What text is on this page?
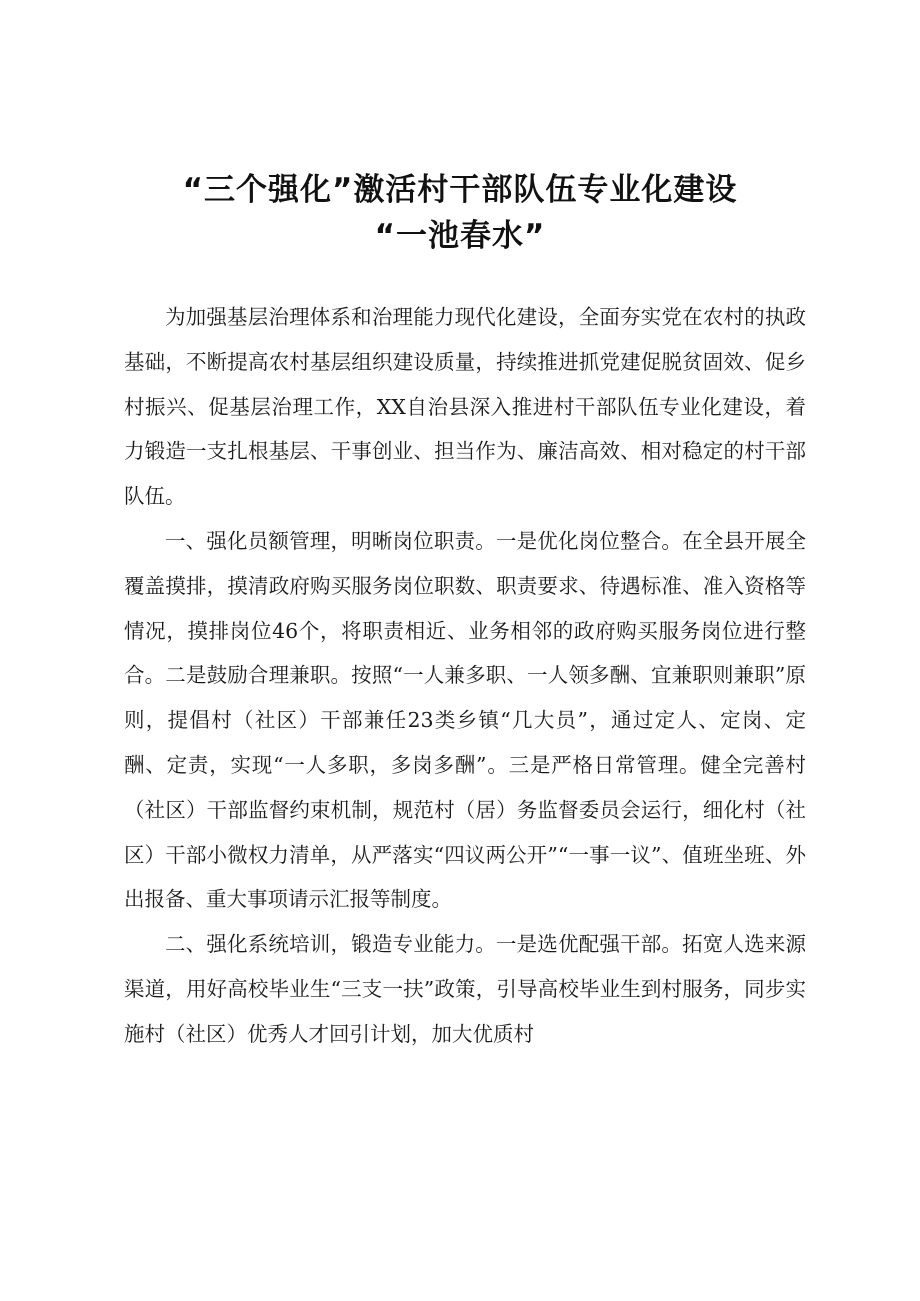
“三个强化”激活村干部队伍专业化建设
“一池春水”

为加强基层治理体系和治理能力现代化建设，全面夯实党在农村的执政基础，不断提高农村基层组织建设质量，持续推进抓党建促脱贫固效、促乡村振兴、促基层治理工作，XX自治县深入推进村干部队伍专业化建设，着力锻造一支扎根基层、干事创业、担当作为、廉洁高效、相对稳定的村干部队伍。

一、强化员额管理，明晰岗位职责。一是优化岗位整合。在全县开展全覆盖摸排，摸清政府购买服务岗位职数、职责要求、待遇标准、准入资格等情况，摸排岗位46个，将职责相近、业务相邻的政府购买服务岗位进行整合。二是鼓励合理兼职。按照“一人兼多职、一人领多酬、宜兼职则兼职”原则，提倡村（社区）干部兼任23类乡镇“几大员”，通过定人、定岗、定酬、定责，实现“一人多职，多岗多酬”。三是严格日常管理。健全完善村（社区）干部监督约束机制，规范村（居）务监督委员会运行，细化村（社区）干部小微权力清单，从严落实“四议两公开”“一事一议”、值班坐班、外出报备、重大事项请示汇报等制度。

二、强化系统培训，锻造专业能力。一是选优配强干部。拓宽人选来源渠道，用好高校毕业生“三支一扶”政策，引导高校毕业生到村服务，同步实施村（社区）优秀人才回引计划，加大优质村
